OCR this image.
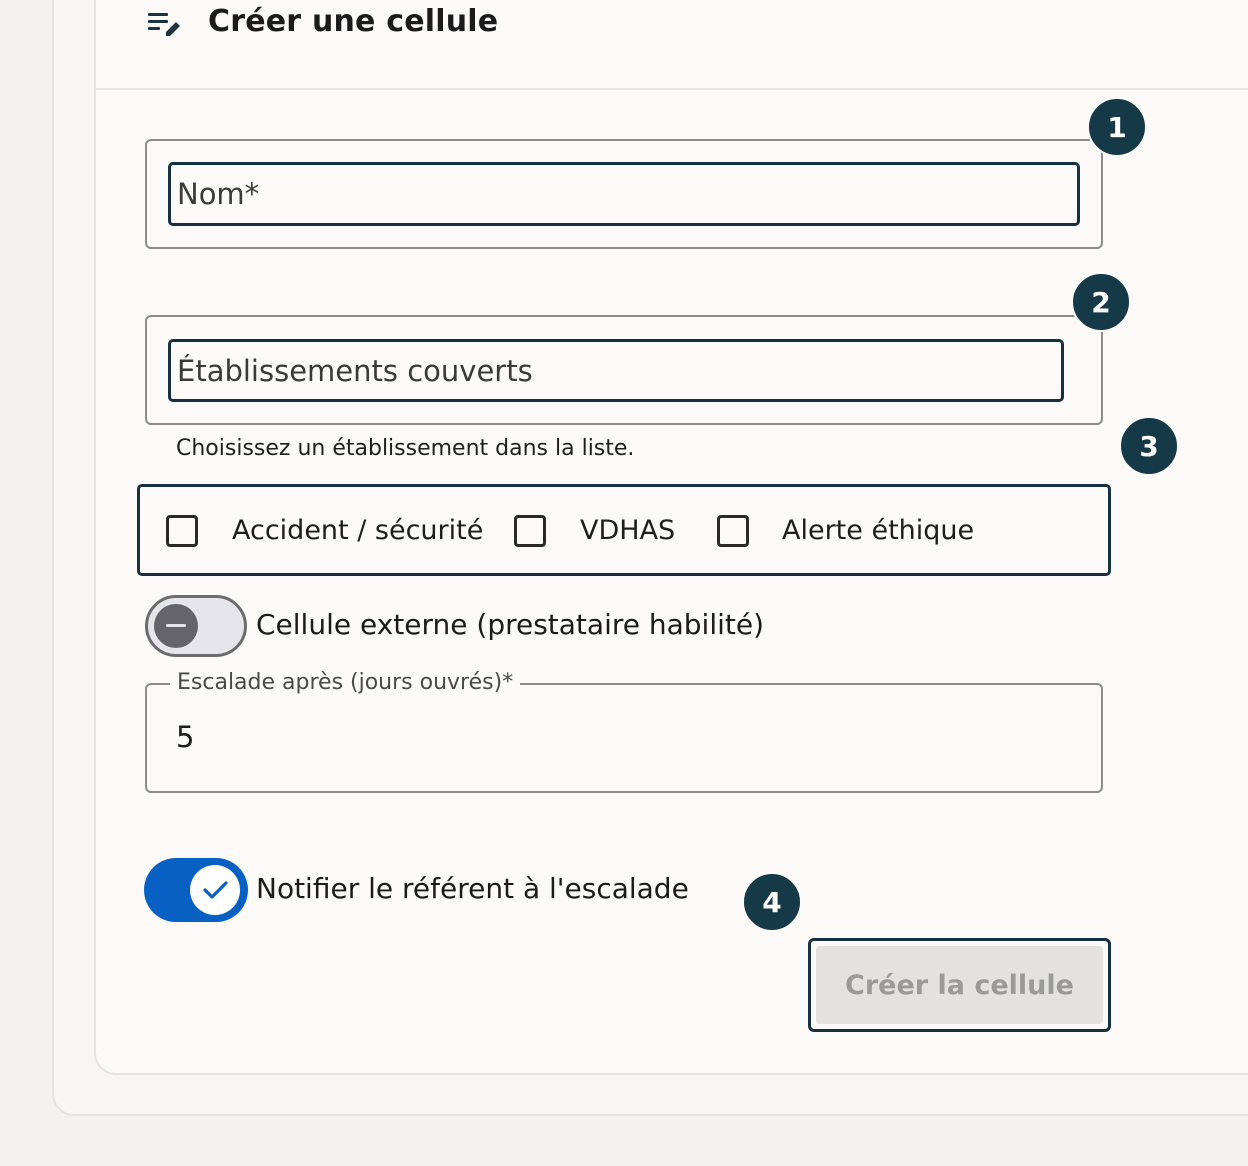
Créer une cellule
Nom*
1
Établissements couverts
2
Choisissez un établissement dans la liste.	3
Accident / sécurité	VDHAS	Alerte éthique
Cellule externe (prestataire habilité)
Escalade après (jours ouvrés)*
5
Notifier le référent à l'escalade	4
Créer la cellule
